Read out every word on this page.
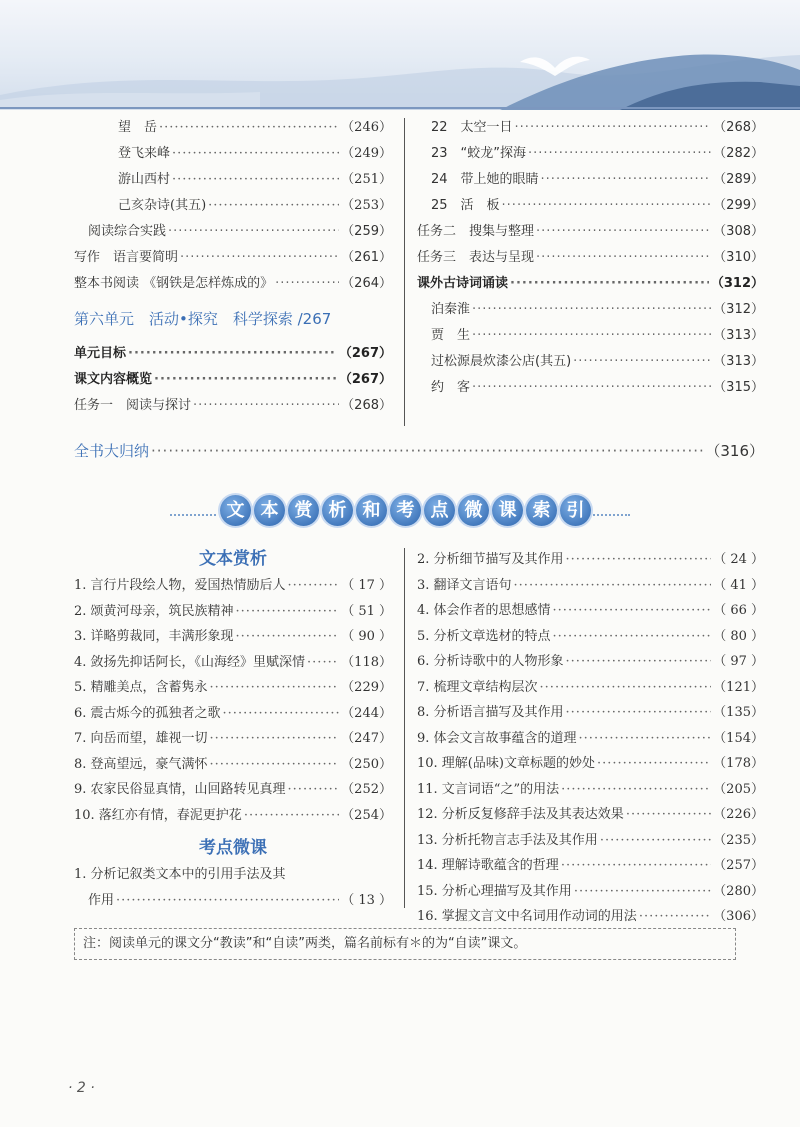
望　岳 ·····	（246）
登飞来峰 ·····	（249）
游山西村 ·····	（251）
己亥杂诗(其五) ·····	（253）
阅读综合实践 ·····	（259）
写作　语言要简明 ·····	（261）
整本书阅读 《钢铁是怎样炼成的》 ·····	（264）
第六单元　活动•探究　科学探索 /267
单元目标 ·····	（267）
课文内容概览 ·····	（267）
任务一　阅读与探讨 ·····	（268）
22　太空一日 ·····	（268）
23　“蛟龙”探海 ·····	（282）
24　带上她的眼睛 ·····	（289）
25　活　板 ·····	（299）
任务二　搜集与整理 ·····	（308）
任务三　表达与呈现 ·····	（310）
课外古诗词诵读 ·····	（312）
泊秦淮 ·····	（312）
贾　生 ·····	（313）
过松源晨炊漆公店(其五) ·····	（313）
约　客 ·····	（315）
全书大归纳 ·····	（316）
文 本 赏 析 和 考 点 微 课 索 引
文本赏析
1. 言行片段绘人物，爱国热情励后人 ·····	（ 17 ）
2. 颂黄河母亲，筑民族精神 ·····	（ 51 ）
3. 详略剪裁同，丰满形象现 ·····	（ 90 ）
4. 敛扬先抑话阿长，《山海经》里赋深情 ·····	（118）
5. 精雕美点，含蓄隽永 ·····	（229）
6. 震古烁今的孤独者之歌 ·····	（244）
7. 向岳而望，雄视一切 ·····	（247）
8. 登高望远，豪气满怀 ·····	（250）
9. 农家民俗显真情，山回路转见真理 ·····	（252）
10. 落红亦有情，春泥更护花 ·····	（254）
考点微课
1. 分析记叙类文本中的引用手法及其
作用 ·····	（ 13 ）
2. 分析细节描写及其作用 ·····	（ 24 ）
3. 翻译文言语句 ·····	（ 41 ）
4. 体会作者的思想感情 ·····	（ 66 ）
5. 分析文章选材的特点 ·····	（ 80 ）
6. 分析诗歌中的人物形象 ·····	（ 97 ）
7. 梳理文章结构层次 ·····	（121）
8. 分析语言描写及其作用 ·····	（135）
9. 体会文言故事蕴含的道理 ·····	（154）
10. 理解(品味)文章标题的妙处 ·····	（178）
11. 文言词语“之”的用法 ·····	（205）
12. 分析反复修辞手法及其表达效果 ·····	（226）
13. 分析托物言志手法及其作用 ·····	（235）
14. 理解诗歌蕴含的哲理 ·····	（257）
15. 分析心理描写及其作用 ·····	（280）
16. 掌握文言文中名词用作动词的用法 ·····	（306）
注：阅读单元的课文分“教读”和“自读”两类，篇名前标有＊的为“自读”课文。
· 2 ·
